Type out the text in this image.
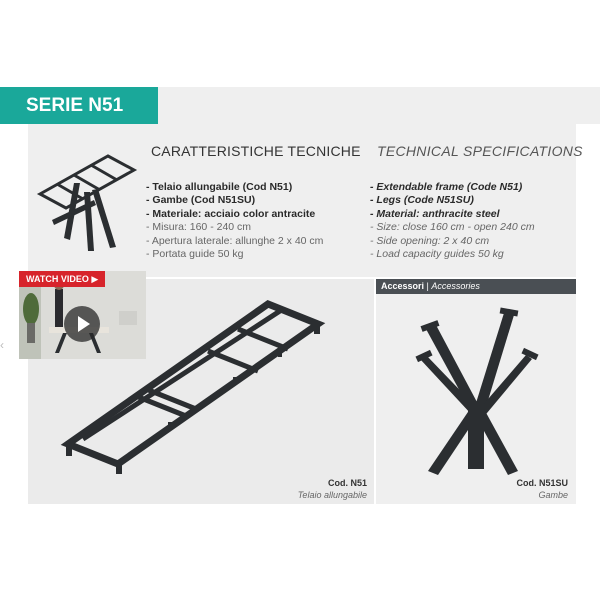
SERIE N51
CARATTERISTICHE TECNICHE TECHNICAL SPECIFICATIONS
- Telaio allungabile (Cod N51)
- Gambe (Cod N51SU)
- Materiale: acciaio color antracite
- Misura: 160 - 240 cm
- Apertura laterale: allunghe 2 x 40 cm
- Portata guide 50 kg
- Extendable frame (Code N51)
- Legs (Code N51SU)
- Material: anthracite steel
- Size: close 160 cm - open 240 cm
- Side opening: 2 x 40 cm
- Load capacity guides 50 kg
Accessori | Accessories
Cod. N51
Telaio allungabile
Cod. N51SU
Gambe
WATCH VIDEO ▶
‹
